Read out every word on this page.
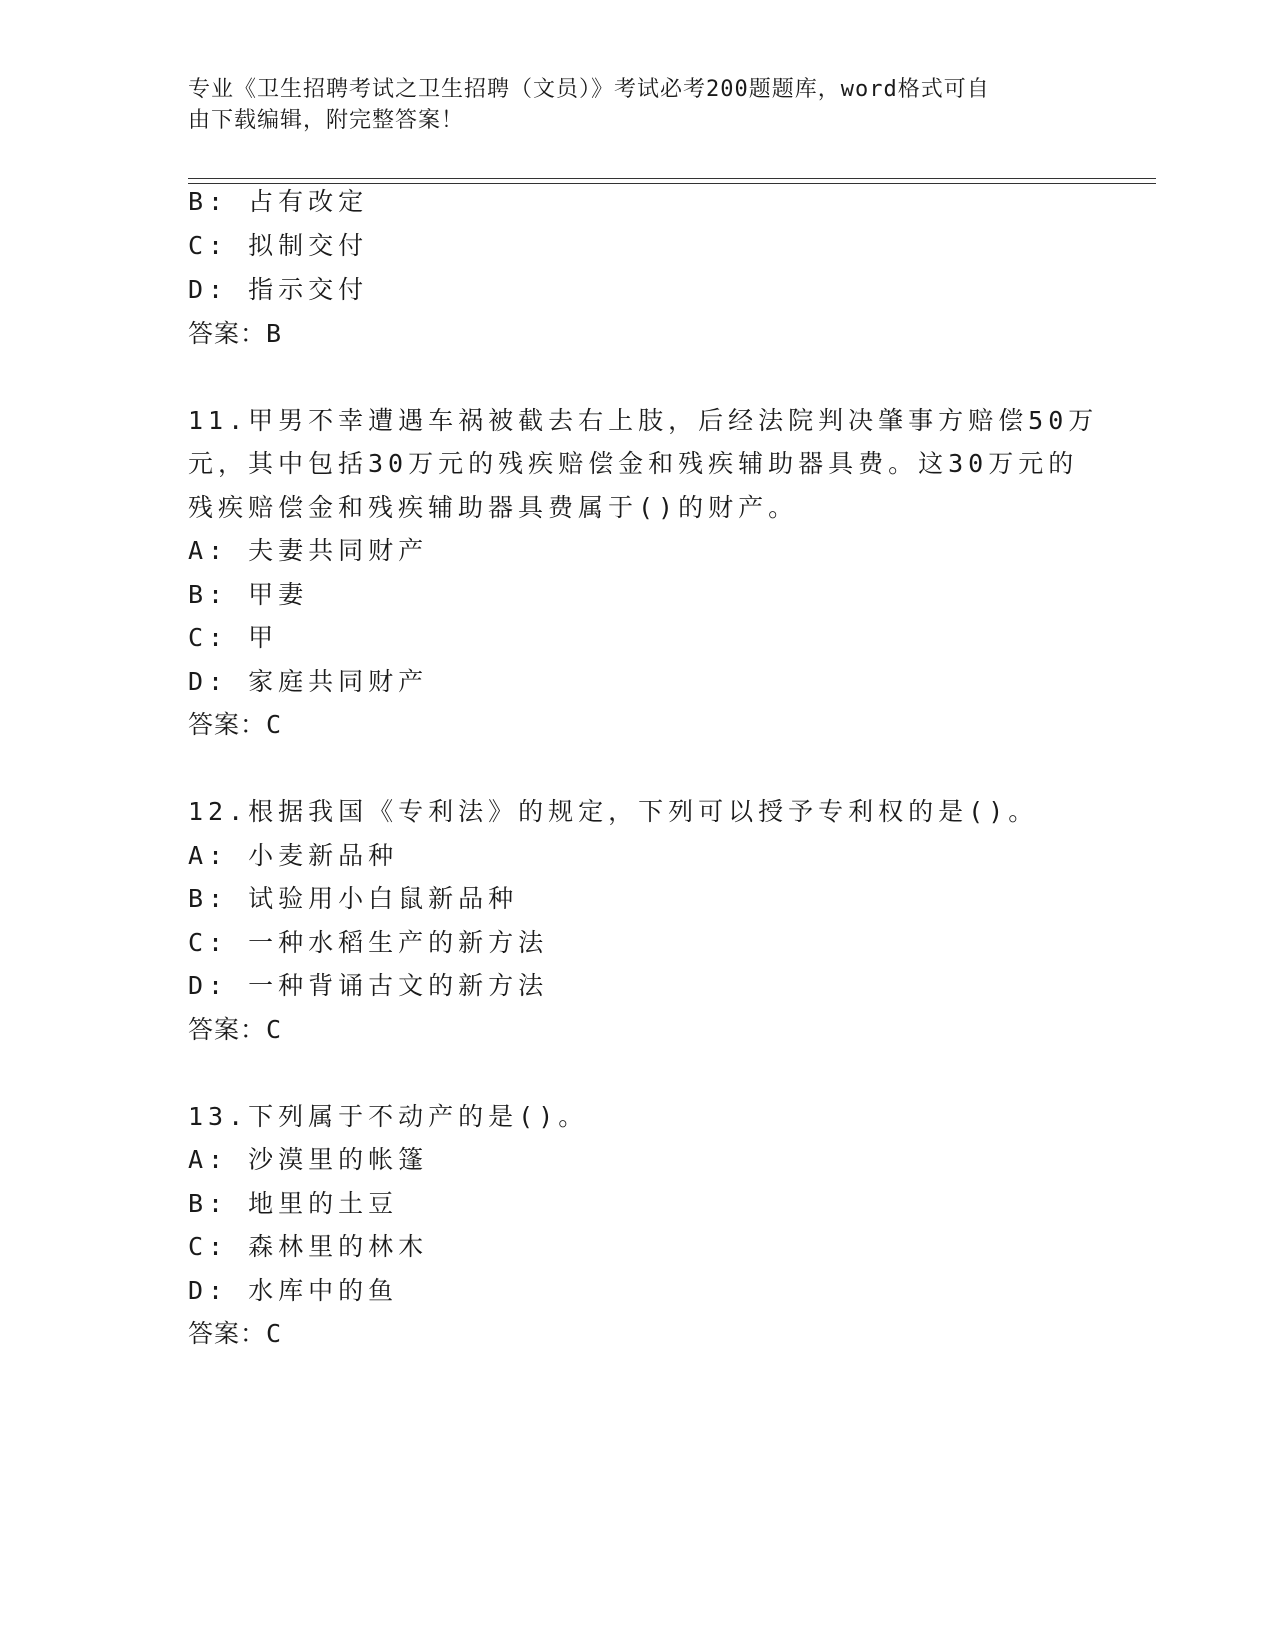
专业《卫生招聘考试之卫生招聘（文员）》考试必考200题题库，word格式可自
由下载编辑，附完整答案！
B: 占有改定
C: 拟制交付
D: 指示交付
答案：B
11.甲男不幸遭遇车祸被截去右上肢，后经法院判决肇事方赔偿50万
元，其中包括30万元的残疾赔偿金和残疾辅助器具费。这30万元的
残疾赔偿金和残疾辅助器具费属于()的财产。
A: 夫妻共同财产
B: 甲妻
C: 甲
D: 家庭共同财产
答案：C
12.根据我国《专利法》的规定，下列可以授予专利权的是()。
A: 小麦新品种
B: 试验用小白鼠新品种
C: 一种水稻生产的新方法
D: 一种背诵古文的新方法
答案：C
13.下列属于不动产的是()。
A: 沙漠里的帐篷
B: 地里的土豆
C: 森林里的林木
D: 水库中的鱼
答案：C
